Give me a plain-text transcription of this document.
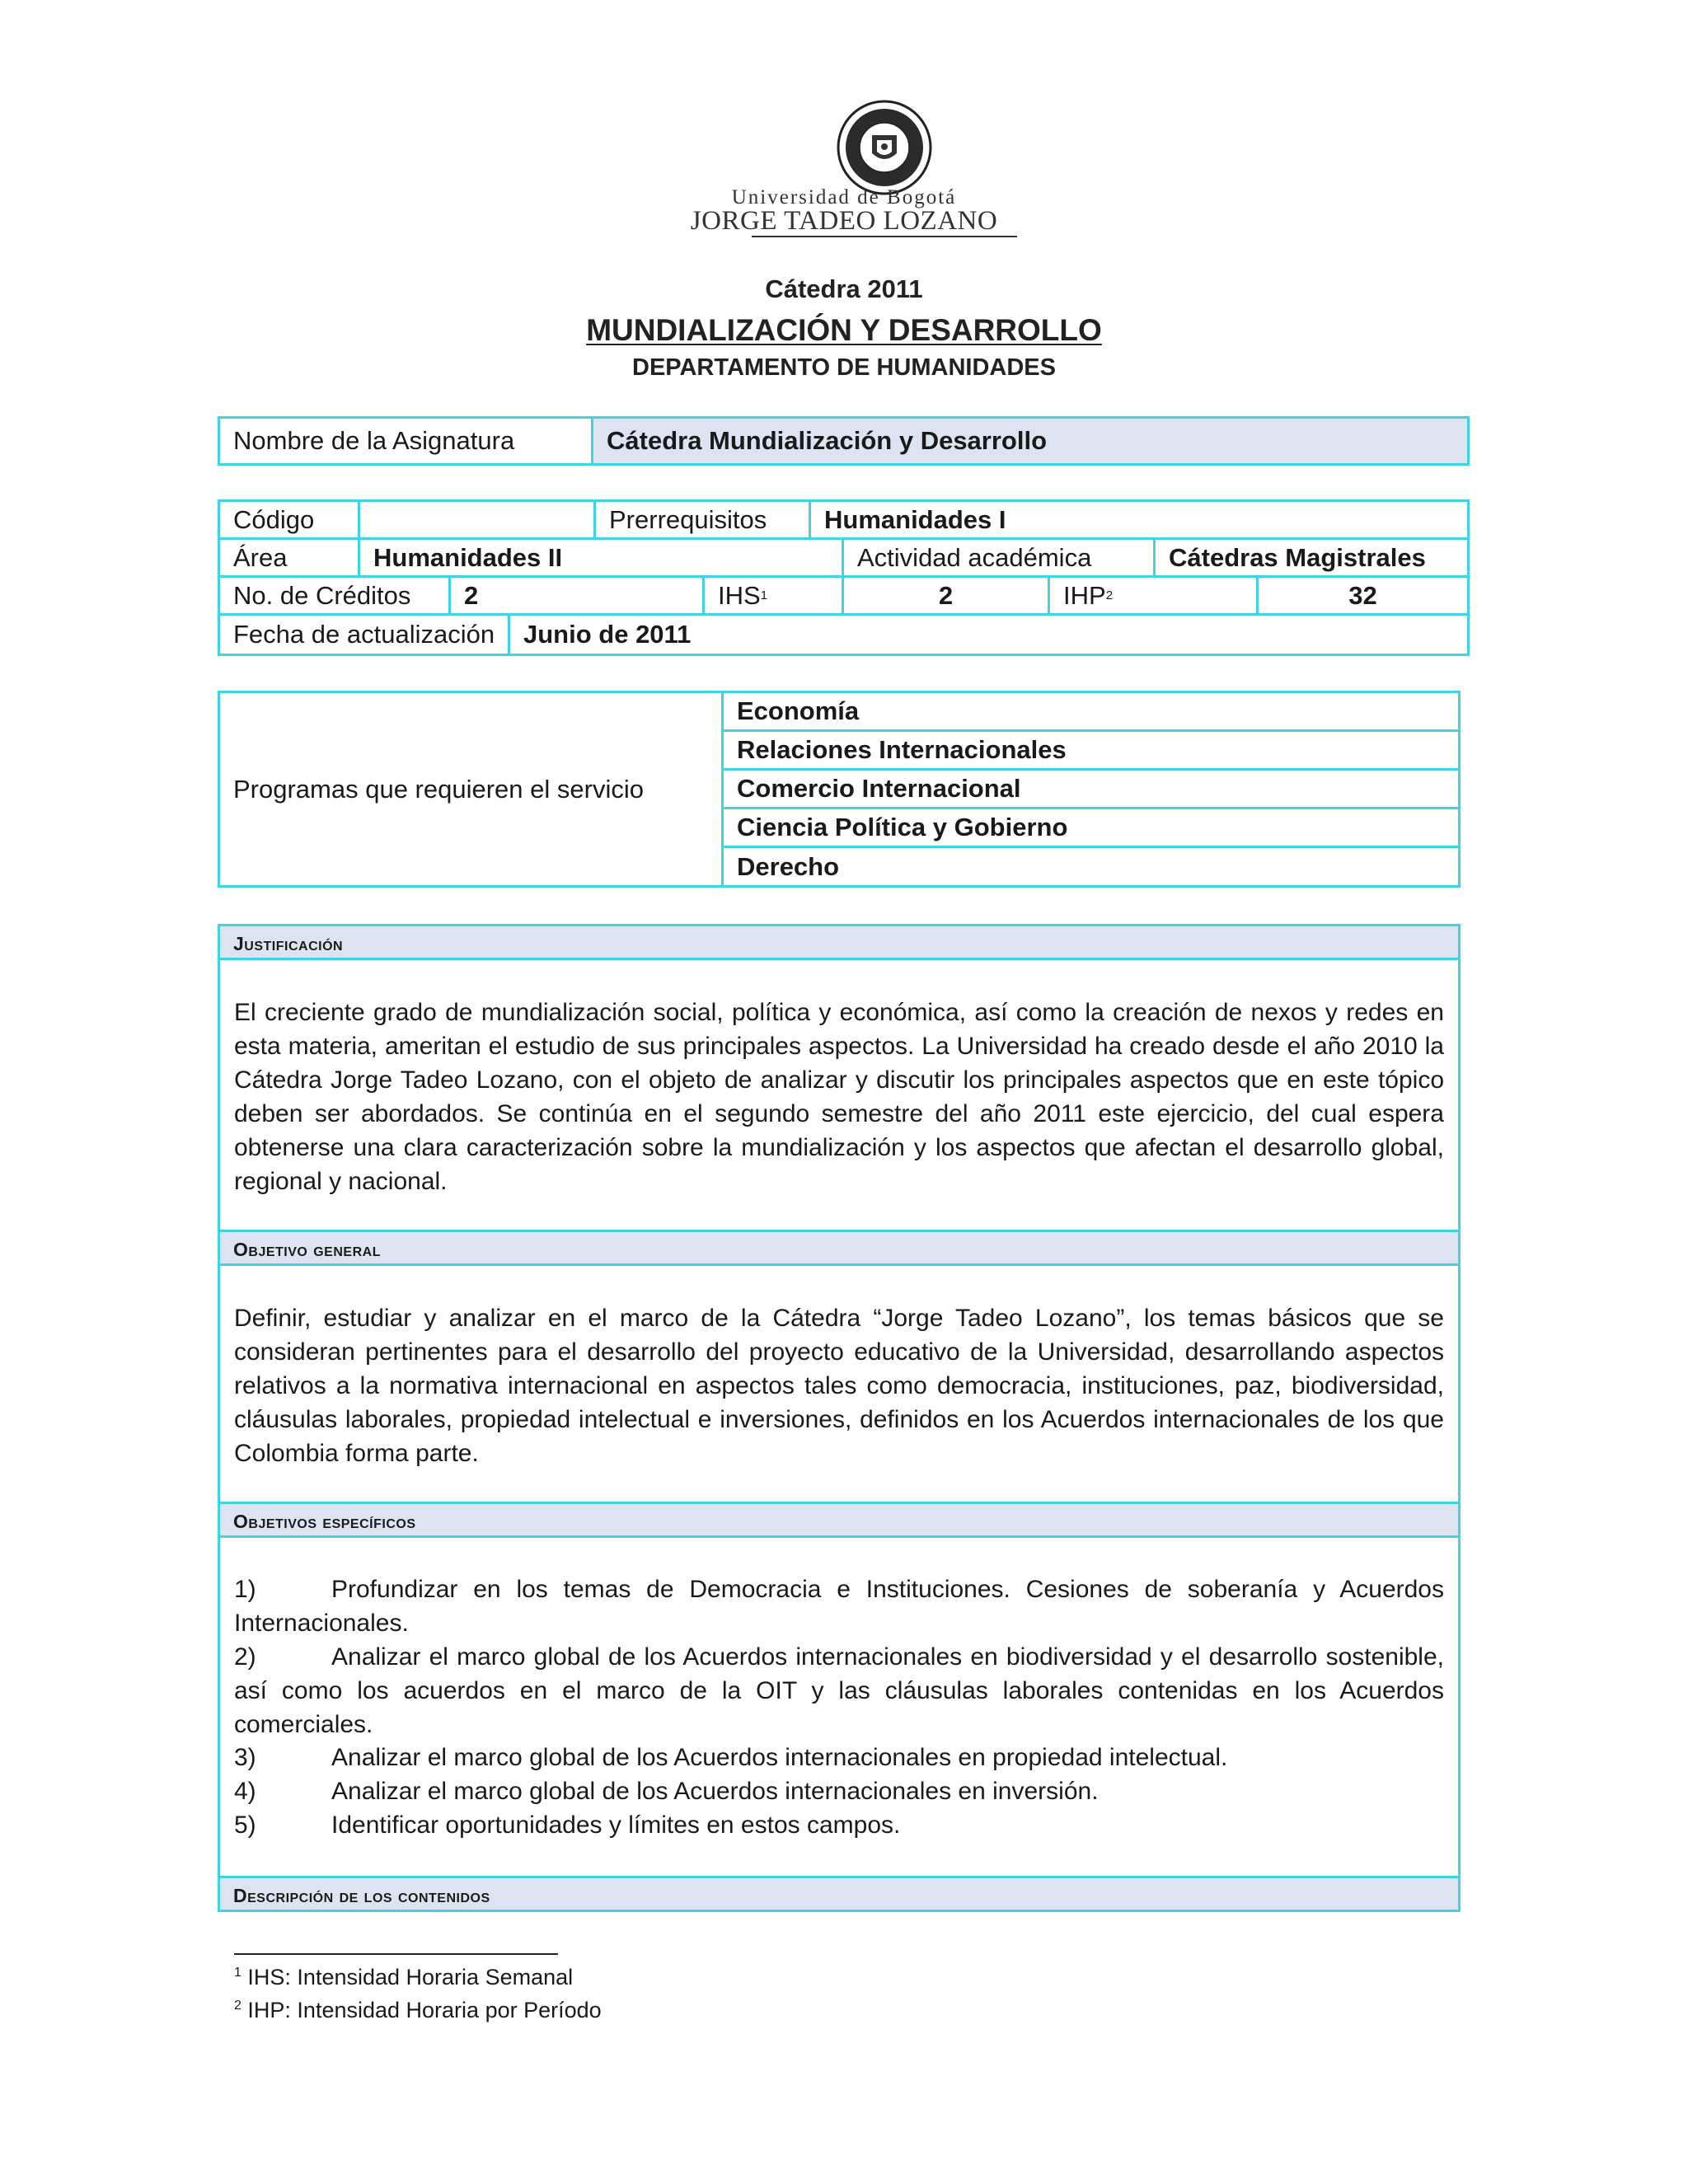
Universidad de Bogotá
JORGE TADEO LOZANO
Cátedra 2011
MUNDIALIZACIÓN Y DESARROLLO
DEPARTAMENTO DE HUMANIDADES
Nombre de la Asignatura	Cátedra Mundialización y Desarrollo
Código	Prerrequisitos	Humanidades I
Área	Humanidades II	Actividad académica	Cátedras Magistrales
No. de Créditos	2	IHS 1	2	IHP 2	32
Fecha de actualización	Junio de 2011
Programas que requieren el servicio
Economía
Relaciones Internacionales
Comercio Internacional
Ciencia Política y Gobierno
Derecho
Justificación
El creciente grado de mundialización social, política y económica, así como la creación de nexos y redes en esta materia, ameritan el estudio de sus principales aspectos. La Universidad ha creado desde el año 2010 la Cátedra Jorge Tadeo Lozano, con el objeto de analizar y discutir los principales aspectos que en este tópico deben ser abordados. Se continúa en el segundo semestre del año 2011 este ejercicio, del cual espera obtenerse una clara caracterización sobre la mundialización y los aspectos que afectan el desarrollo global, regional y nacional.
Objetivo general
Definir, estudiar y analizar en el marco de la Cátedra “Jorge Tadeo Lozano”, los temas básicos que se consideran pertinentes para el desarrollo del proyecto educativo de la Universidad, desarrollando aspectos relativos a la normativa internacional en aspectos tales como democracia, instituciones, paz, biodiversidad, cláusulas laborales, propiedad intelectual e inversiones, definidos en los Acuerdos internacionales de los que Colombia forma parte.
Objetivos específicos
1)	Profundizar en los temas de Democracia e Instituciones. Cesiones de soberanía y Acuerdos Internacionales.
2)	Analizar el marco global de los Acuerdos internacionales en biodiversidad y el desarrollo sostenible, así como los acuerdos en el marco de la OIT y las cláusulas laborales contenidas en los Acuerdos comerciales.
3)	Analizar el marco global de los Acuerdos internacionales en propiedad intelectual.
4)	Analizar el marco global de los Acuerdos internacionales en inversión.
5)	Identificar oportunidades y límites en estos campos.
Descripción de los contenidos
$^1$ IHS: Intensidad Horaria Semanal
$^2$ IHP: Intensidad Horaria por Período
